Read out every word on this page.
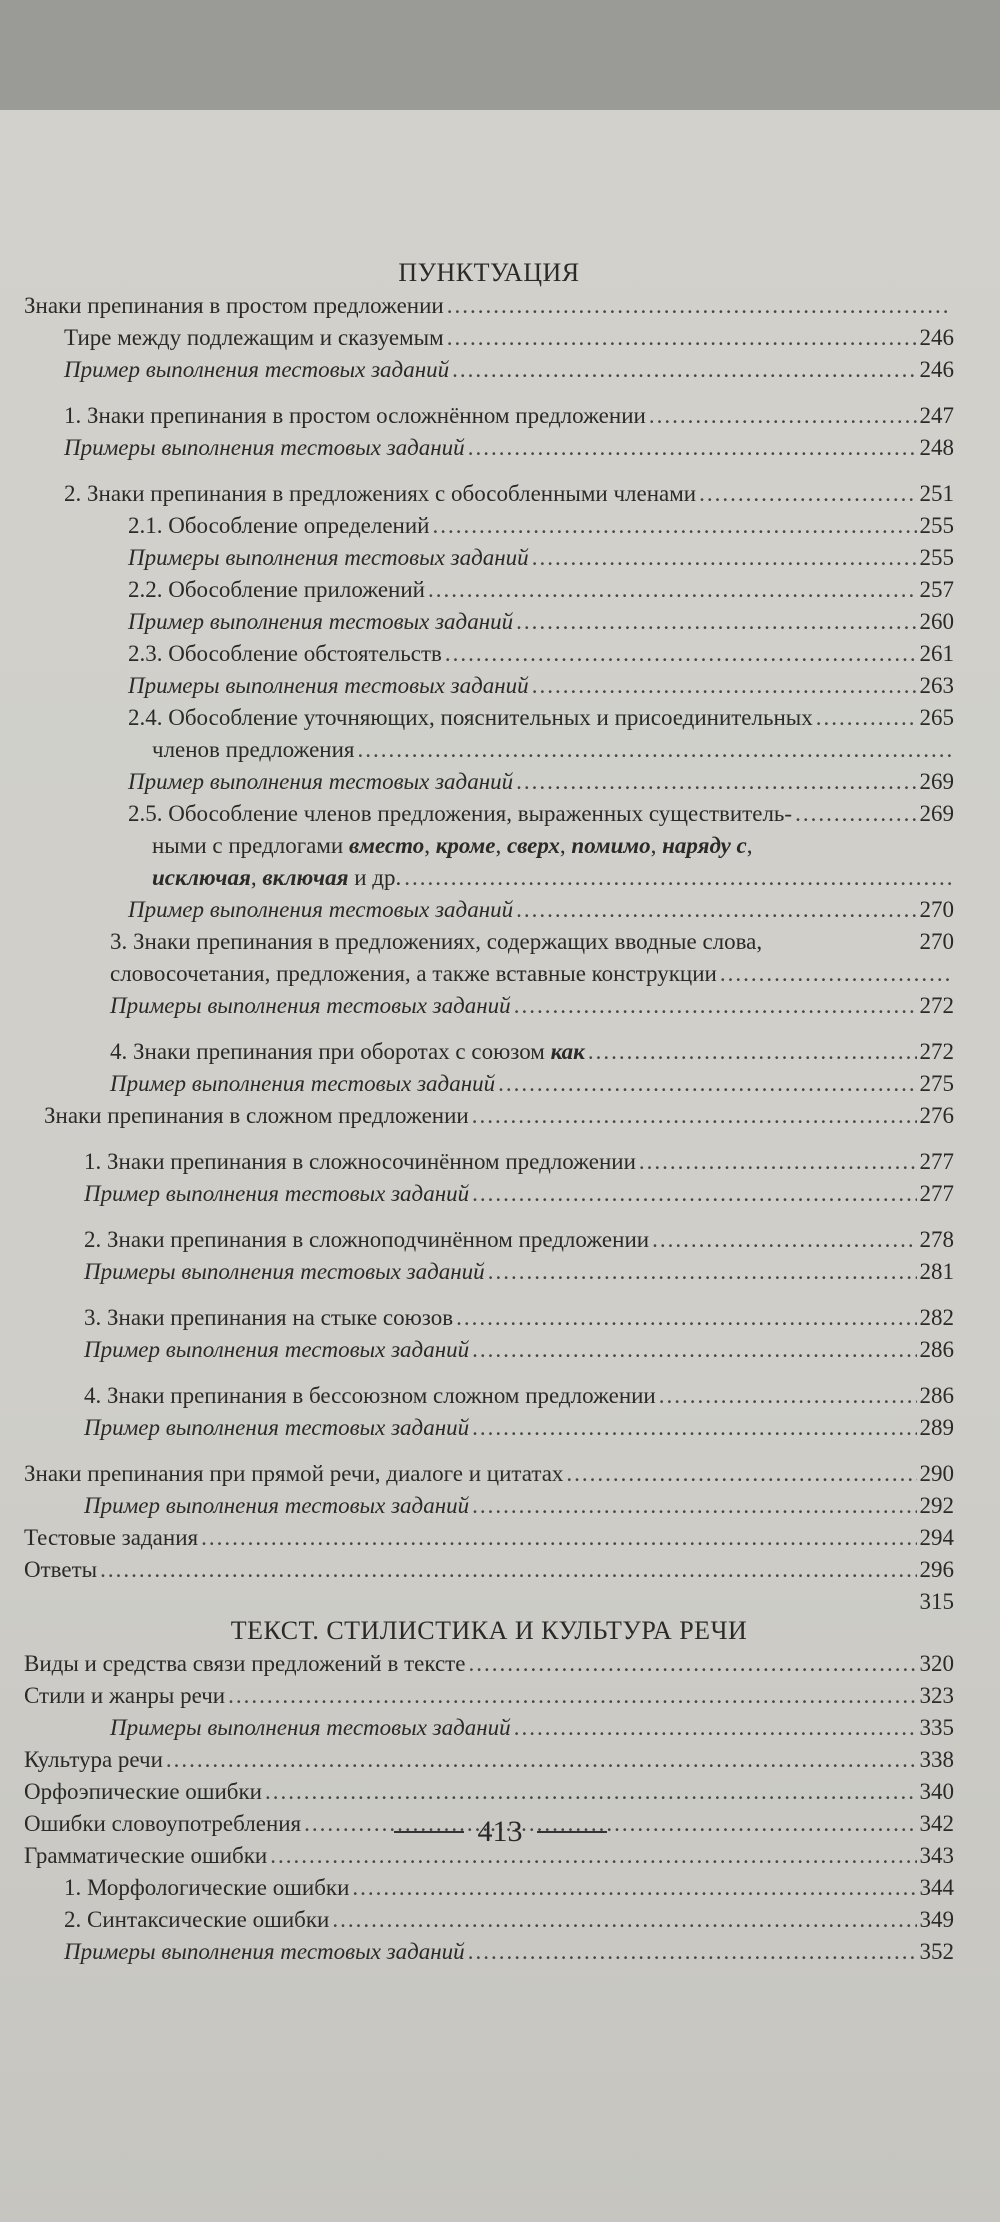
ПУНКТУАЦИЯ
Знаки препинания в простом предложении
.....
Тире между подлежащим и сказуемым .....	246
Пример выполнения тестовых заданий .....	246
1. Знаки препинания в простом осложнённом предложении .....	247
Примеры выполнения тестовых заданий .....	248
2. Знаки препинания в предложениях с обособленными членами .....	251
2.1. Обособление определений .....	255
Примеры выполнения тестовых заданий .....	255
2.2. Обособление приложений .....	257
Пример выполнения тестовых заданий .....	260
2.3. Обособление обстоятельств .....	261
Примеры выполнения тестовых заданий .....	263
2.4. Обособление уточняющих, пояснительных и присоединительных .....	265
членов предложения
.....
Пример выполнения тестовых заданий .....	269
2.5. Обособление членов предложения, выраженных существитель- .....	269
ными с предлогами вместо, кроме, сверх, помимо, наряду с,
исключая, включая и др.
.....
Пример выполнения тестовых заданий .....	270
3. Знаки препинания в предложениях, содержащих вводные слова,	270
словосочетания, предложения, а также вставные конструкции
.....
Примеры выполнения тестовых заданий .....	272
4. Знаки препинания при оборотах с союзом как .....	272
Пример выполнения тестовых заданий .....	275
Знаки препинания в сложном предложении .....	276
1. Знаки препинания в сложносочинённом предложении .....	277
Пример выполнения тестовых заданий .....	277
2. Знаки препинания в сложноподчинённом предложении .....	278
Примеры выполнения тестовых заданий .....	281
3. Знаки препинания на стыке союзов .....	282
Пример выполнения тестовых заданий .....	286
4. Знаки препинания в бессоюзном сложном предложении .....	286
Пример выполнения тестовых заданий .....	289
Знаки препинания при прямой речи, диалоге и цитатах .....	290
Пример выполнения тестовых заданий .....	292
Тестовые задания .....	294
Ответы .....	296
315
ТЕКСТ. СТИЛИСТИКА И КУЛЬТУРА РЕЧИ
Виды и средства связи предложений в тексте .....	320
Стили и жанры речи .....	323
Примеры выполнения тестовых заданий .....	335
Культура речи .....	338
Орфоэпические ошибки .....	340
Ошибки словоупотребления .....	342
Грамматические ошибки .....	343
1. Морфологические ошибки .....	344
2. Синтаксические ошибки .....	349
Примеры выполнения тестовых заданий .....	352
413
